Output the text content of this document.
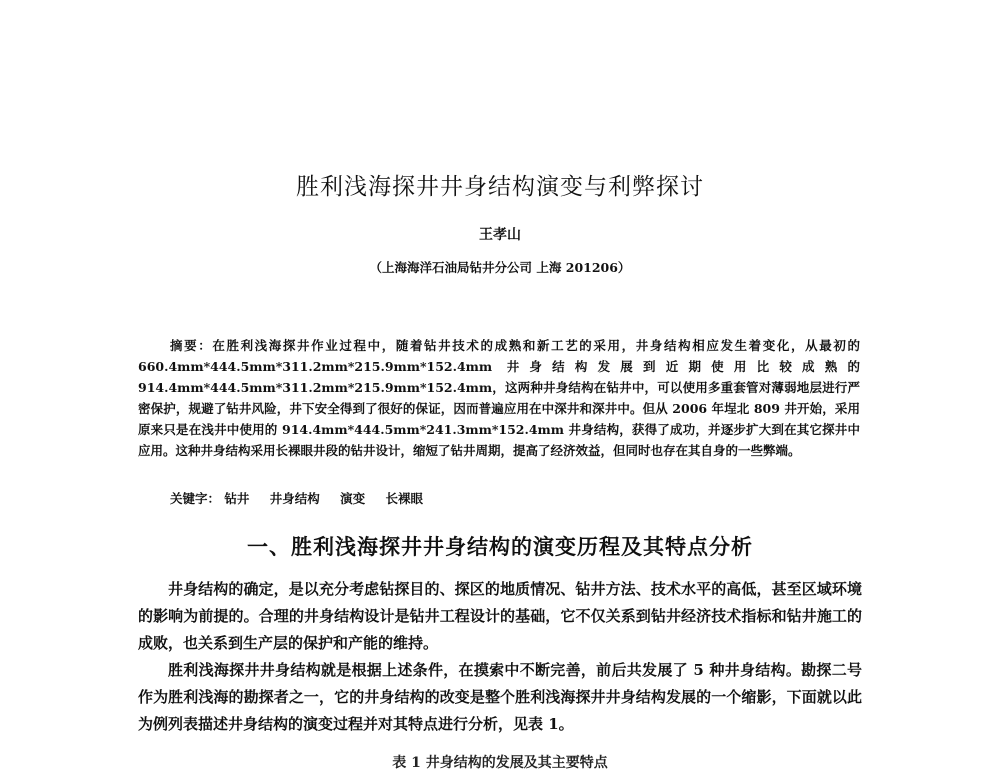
胜利浅海探井井身结构演变与利弊探讨
王孝山
（上海海洋石油局钻井分公司 上海 201206）

摘要：在胜利浅海探井作业过程中，随着钻井技术的成熟和新工艺的采用，井身结构相应发生着变化，从最初的 660.4mm*444.5mm*311.2mm*215.9mm*152.4mm 井身结构发展到近期使用比较成熟的 914.4mm*444.5mm*311.2mm*215.9mm*152.4mm，这两种井身结构在钻井中，可以使用多重套管对薄弱地层进行严密保护，规避了钻井风险，井下安全得到了很好的保证，因而普遍应用在中深井和深井中。但从 2006 年埕北 809 井开始，采用原来只是在浅井中使用的 914.4mm*444.5mm*241.3mm*152.4mm 井身结构，获得了成功，并逐步扩大到在其它探井中应用。这种井身结构采用长裸眼井段的钻井设计，缩短了钻井周期，提高了经济效益，但同时也存在其自身的一些弊端。

关键字： 钻井 井身结构 演变 长裸眼
一、胜利浅海探井井身结构的演变历程及其特点分析

井身结构的确定，是以充分考虑钻探目的、探区的地质情况、钻井方法、技术水平的高低，甚至区域环境的影响为前提的。合理的井身结构设计是钻井工程设计的基础，它不仅关系到钻井经济技术指标和钻井施工的成败，也关系到生产层的保护和产能的维持。

胜利浅海探井井身结构就是根据上述条件，在摸索中不断完善，前后共发展了 5 种井身结构。勘探二号作为胜利浅海的勘探者之一，它的井身结构的改变是整个胜利浅海探井井身结构发展的一个缩影，下面就以此为例列表描述井身结构的演变过程并对其特点进行分析，见表 1。

表 1 井身结构的发展及其主要特点
